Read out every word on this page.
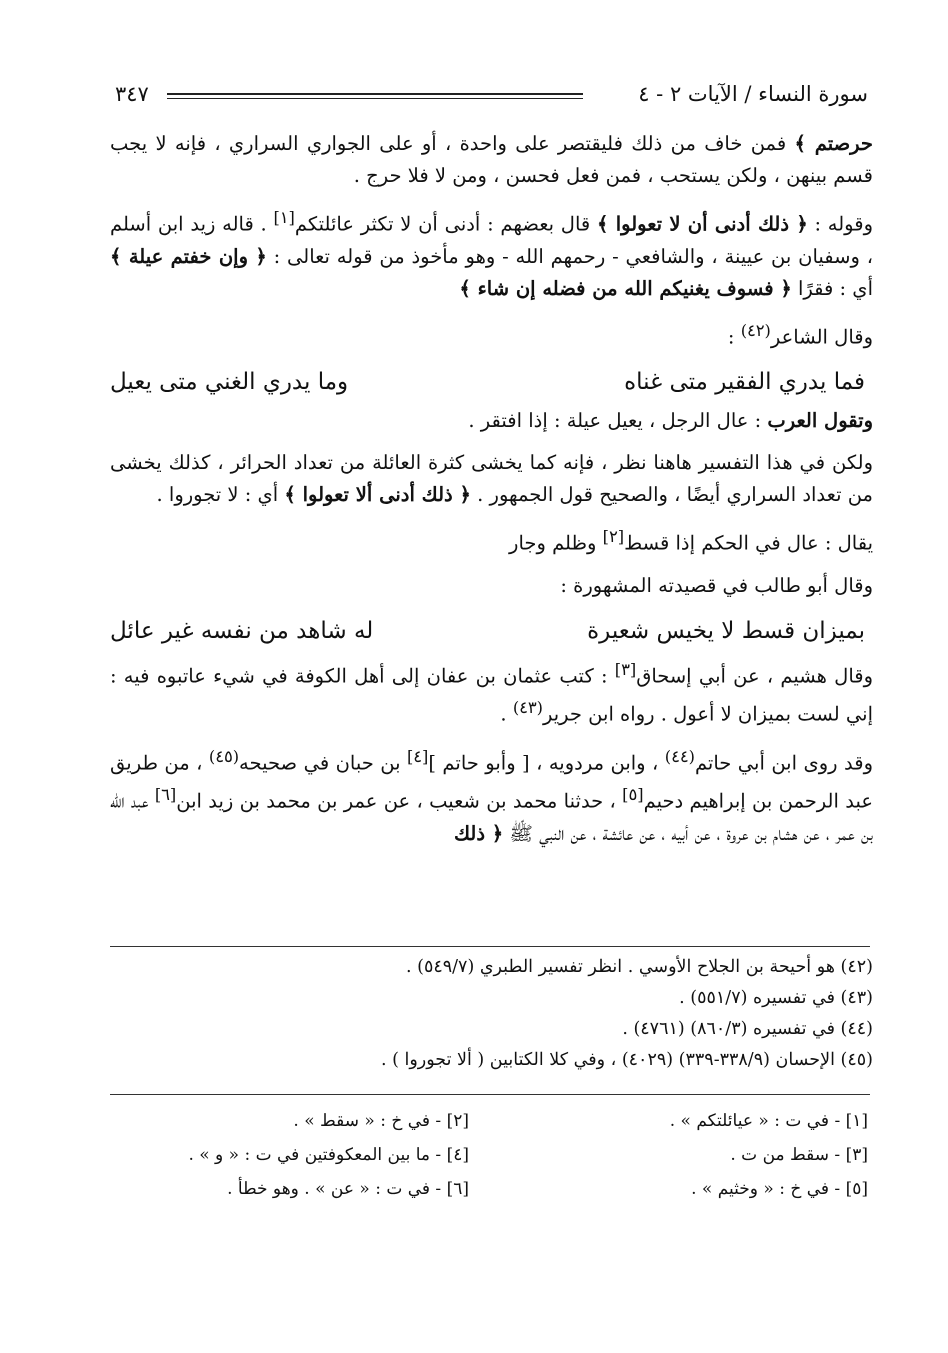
سورة النساء / الآيات ٢ - ٤
٣٤٧

حرصتم ﴾ فمن خاف من ذلك فليقتصر على واحدة ، أو على الجواري السراري ، فإنه لا يجب قسم بينهن ، ولكن يستحب ، فمن فعل فحسن ، ومن لا فلا حرج .

وقوله : ﴿ ذلك أدنى أن لا تعولوا ﴾ قال بعضهم : أدنى أن لا تكثر عائلتكم[١] . قاله زيد ابن أسلم ، وسفيان بن عيينة ، والشافعي - رحمهم الله - وهو مأخوذ من قوله تعالى : ﴿ وإن خفتم عيلة ﴾ أي : فقرًا ﴿ فسوف يغنيكم الله من فضله إن شاء ﴾

وقال الشاعر$^{(٤٢)}$ :

فما يدري الفقير متى غناه
وما يدري الغني متى يعيل

وتقول العرب : عال الرجل ، يعيل عيلة : إذا افتقر .

ولكن في هذا التفسير هاهنا نظر ، فإنه كما يخشى كثرة العائلة من تعداد الحرائر ، كذلك يخشى من تعداد السراري أيضًا ، والصحيح قول الجمهور . ﴿ ذلك أدنى ألا تعولوا ﴾ أي : لا تجوروا .

يقال : عال في الحكم إذا قسط[٢] وظلم وجار

وقال أبو طالب في قصيدته المشهورة :

بميزان قسط لا يخيس شعيرة
له شاهد من نفسه غير عائل

وقال هشيم ، عن أبي إسحاق[٣] : كتب عثمان بن عفان إلى أهل الكوفة في شيء عاتبوه فيه : إني لست بميزان لا أعول . رواه ابن جرير$^{(٤٣)}$ .

وقد روى ابن أبي حاتم$^{(٤٤)}$ ، وابن مردويه ، [ وأبو حاتم ][٤] بن حبان في صحيحه$^{(٤٥)}$ ، من طريق عبد الرحمن بن إبراهيم دحيم[٥] ، حدثنا محمد بن شعيب ، عن عمر بن محمد بن زيد ابن[٦] عبد الله بن عمر ، عن هشام بن عروة ، عن أبيه ، عن عائشة ، عن النبي ﷺ ﴿ ذلك

(٤٢) هو أحيحة بن الجلاح الأوسي . انظر تفسير الطبري (٥٤٩/٧) .
(٤٣) في تفسيره (٥٥١/٧) .
(٤٤) في تفسيره (٨٦٠/٣) (٤٧٦١) .
(٤٥) الإحسان (٣٣٨/٩-٣٣٩) (٤٠٢٩) ، وفي كلا الكتابين ( ألا تجوروا ) .
[١] - في ت : « عيائلتكم » .
[٢] - في خ : « سقط » .
[٣] - سقط من ت .
[٤] - ما بين المعكوفتين في ت : « و » .
[٥] - في خ : « وخثيم » .
[٦] - في ت : « عن » . وهو خطأ .
